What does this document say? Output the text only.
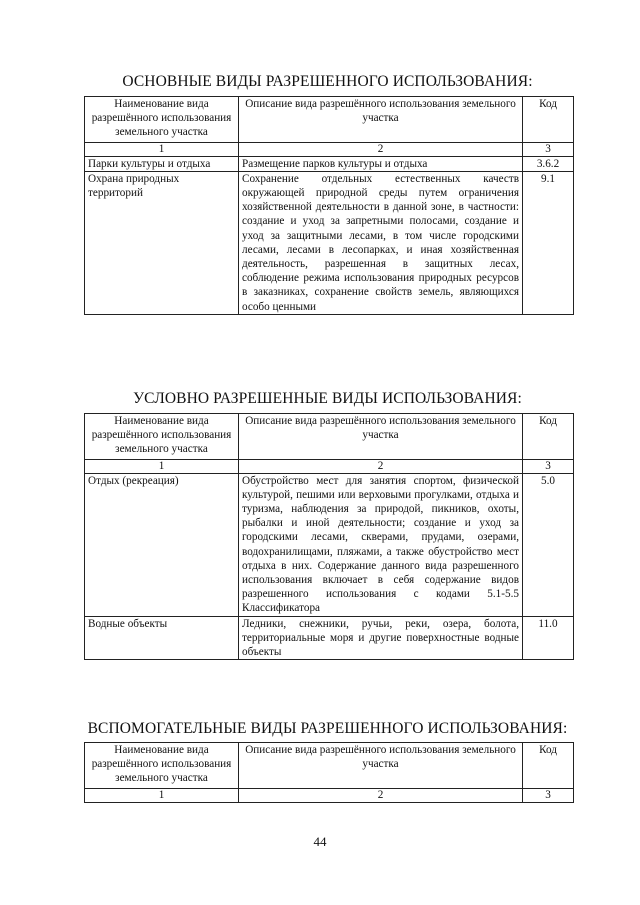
ОСНОВНЫЕ ВИДЫ РАЗРЕШЕННОГО ИСПОЛЬЗОВАНИЯ:
Наименование вида разрешённого использования земельного участка	Описание вида разрешённого использования земельного участка	Код
1	2	3
Парки культуры и отдыха	Размещение парков культуры и отдыха	3.6.2
Охрана природных территорий	Сохранение отдельных естественных качеств окружающей природной среды путем ограничения хозяйственной деятельности в данной зоне, в частности: создание и уход за запретными полосами, создание и уход за защитными лесами, в том числе городскими лесами, лесами в лесопарках, и иная хозяйственная деятельность, разрешенная в защитных лесах, соблюдение режима использования природных ресурсов в заказниках, сохранение свойств земель, являющихся особо ценными	9.1
УСЛОВНО РАЗРЕШЕННЫЕ ВИДЫ ИСПОЛЬЗОВАНИЯ:
Наименование вида разрешённого использования земельного участка	Описание вида разрешённого использования земельного участка	Код
1	2	3
Отдых (рекреация)	Обустройство мест для занятия спортом, физической культурой, пешими или верховыми прогулками, отдыха и туризма, наблюдения за природой, пикников, охоты, рыбалки и иной деятельности; создание и уход за городскими лесами, скверами, прудами, озерами, водохранилищами, пляжами, а также обустройство мест отдыха в них. Содержание данного вида разрешенного использования включает в себя содержание видов разрешенного использования с кодами 5.1-5.5 Классификатора	5.0
Водные объекты	Ледники, снежники, ручьи, реки, озера, болота, территориальные моря и другие поверхностные водные объекты	11.0
ВСПОМОГАТЕЛЬНЫЕ ВИДЫ РАЗРЕШЕННОГО ИСПОЛЬЗОВАНИЯ:
Наименование вида разрешённого использования земельного участка	Описание вида разрешённого использования земельного участка	Код
1	2	3
44
